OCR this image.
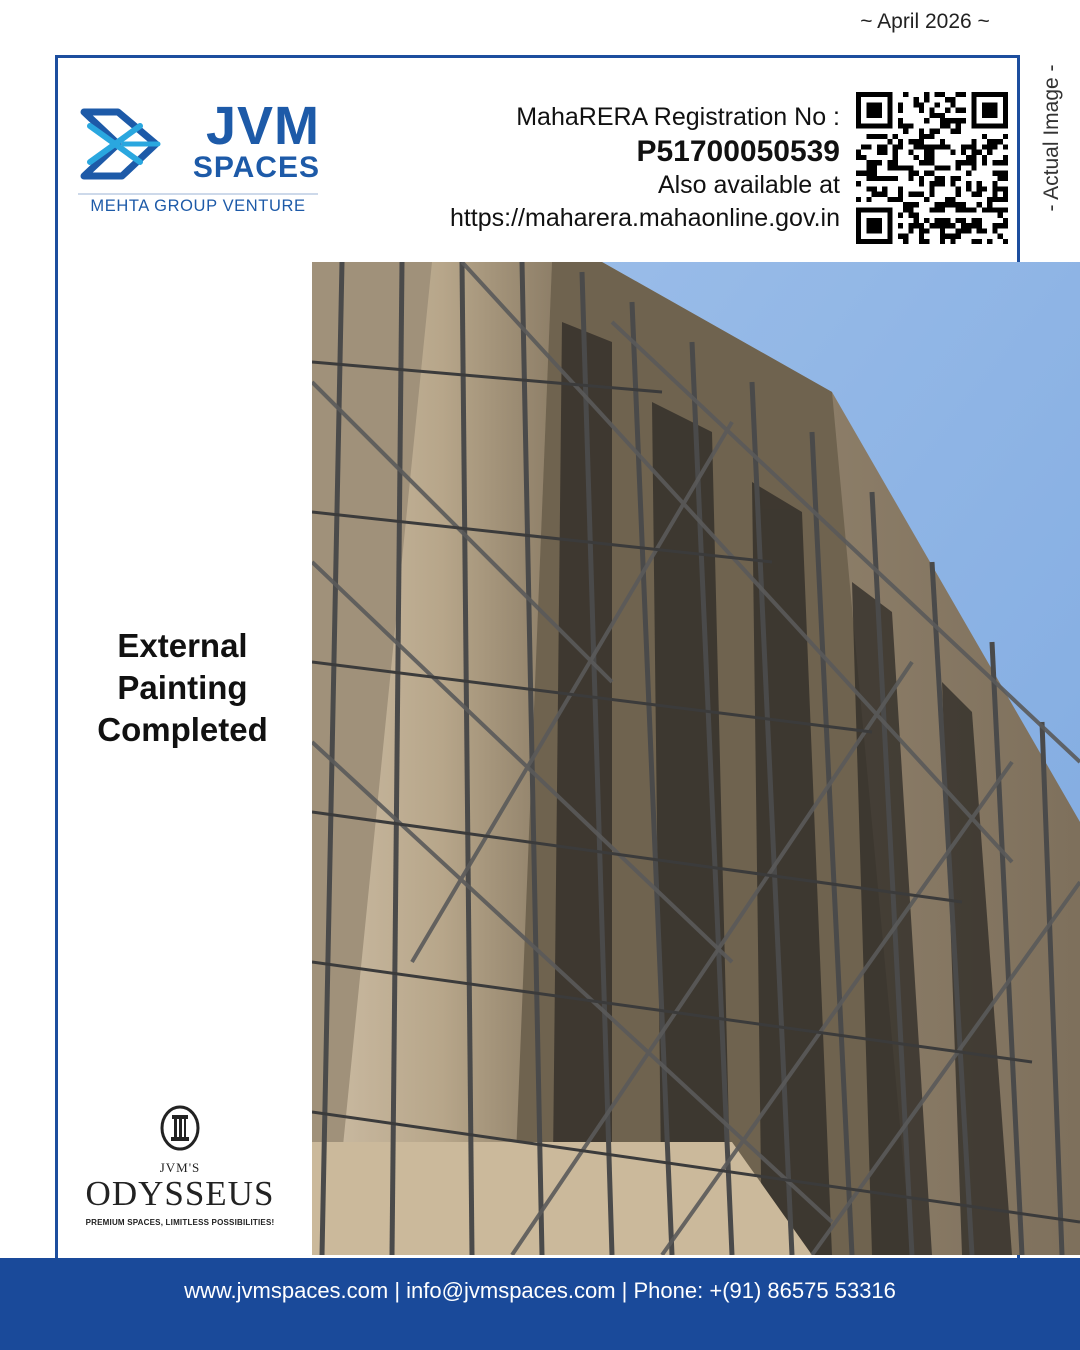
~ April 2026 ~
- Actual Image -
JVM
SPACES
MEHTA GROUP VENTURE
MahaRERA Registration No :
P51700050539
Also available at
https://maharera.mahaonline.gov.in
External
Painting
Completed
JVM'S
ODYSSEUS
PREMIUM SPACES, LIMITLESS POSSIBILITIES!
www.jvmspaces.com | info@jvmspaces.com | Phone: +(91) 86575 53316
